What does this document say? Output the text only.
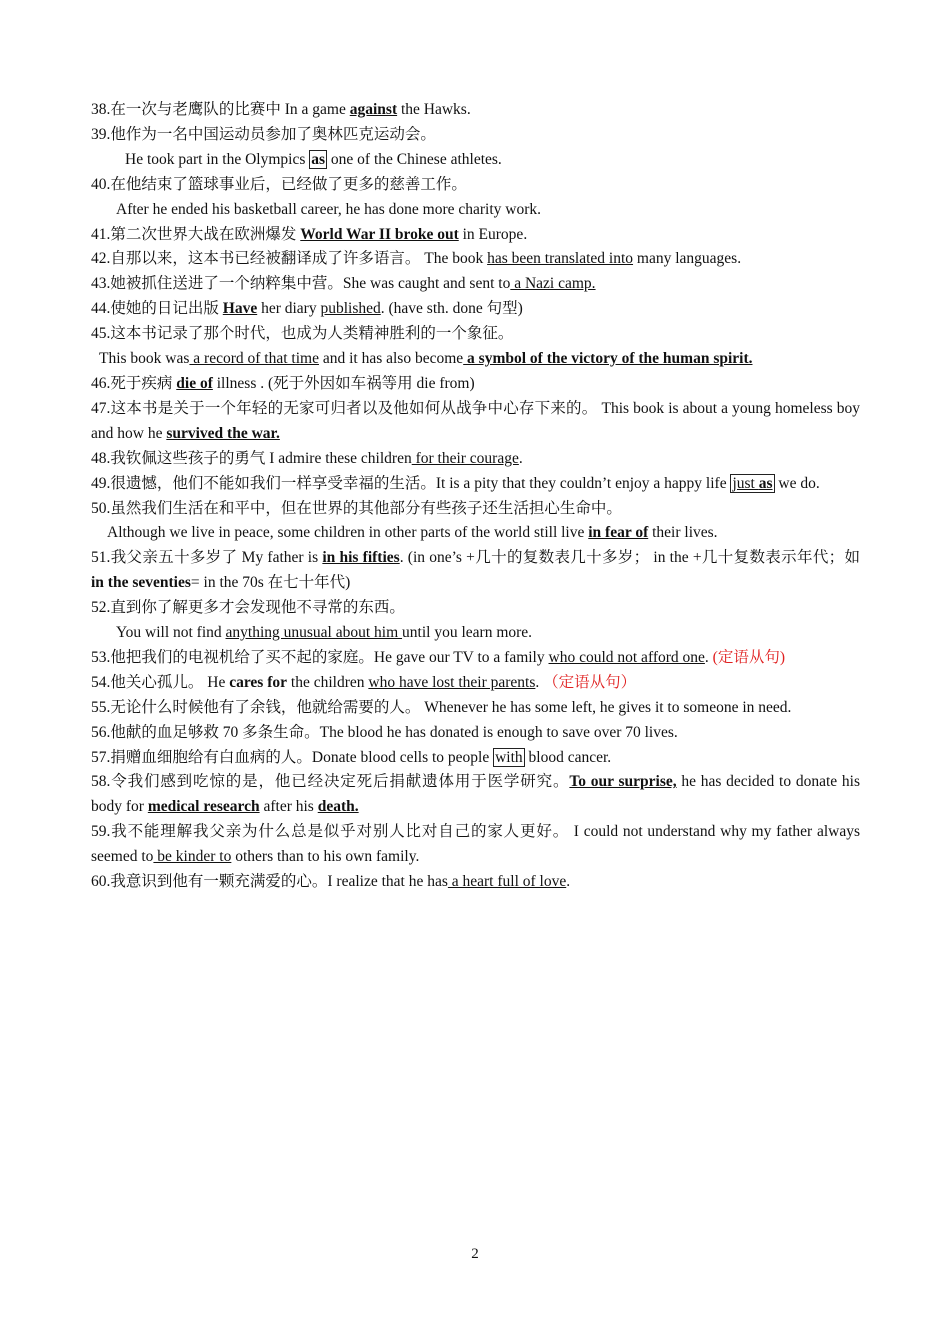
38.在一次与老鹰队的比赛中 In a game against the Hawks.
39.他作为一名中国运动员参加了奥林匹克运动会。
He took part in the Olympics as one of the Chinese athletes.
40.在他结束了篮球事业后，已经做了更多的慈善工作。
After he ended his basketball career, he has done more charity work.
41.第二次世界大战在欧洲爆发 World War II broke out in Europe.
42.自那以来，这本书已经被翻译成了许多语言。 The book has been translated into many languages.
43.她被抓住送进了一个纳粹集中营。She was caught and sent to a Nazi camp.
44.使她的日记出版 Have her diary published. (have sth. done 句型)
45.这本书记录了那个时代，也成为人类精神胜利的一个象征。
This book was a record of that time and it has also become a symbol of the victory of the human spirit.
46.死于疾病 die of illness . (死于外因如车祸等用 die from)
47.这本书是关于一个年轻的无家可归者以及他如何从战争中心存下来的。 This book is about a young homeless boy and how he survived the war.
48.我钦佩这些孩子的勇气 I admire these children for their courage.
49.很遗憾，他们不能如我们一样享受幸福的生活。It is a pity that they couldn’t enjoy a happy life just as we do.
50.虽然我们生活在和平中，但在世界的其他部分有些孩子还生活担心生命中。
Although we live in peace, some children in other parts of the world still live in fear of their lives.
51.我父亲五十多岁了 My father is in his fifties. (in one’s +几十的复数表几十多岁； in the +几十复数表示年代；如 in the seventies= in the 70s 在七十年代)
52.直到你了解更多才会发现他不寻常的东西。
You will not find anything unusual about him until you learn more.
53.他把我们的电视机给了买不起的家庭。He gave our TV to a family who could not afford one. (定语从句)
54.他关心孤儿。 He cares for the children who have lost their parents. （定语从句）
55.无论什么时候他有了余钱，他就给需要的人。 Whenever he has some left, he gives it to someone in need.
56.他献的血足够救 70 多条生命。The blood he has donated is enough to save over 70 lives.
57.捐赠血细胞给有白血病的人。Donate blood cells to people with blood cancer.
58.令我们感到吃惊的是，他已经决定死后捐献遗体用于医学研究。To our surprise, he has decided to donate his body for medical research after his death.
59.我不能理解我父亲为什么总是似乎对别人比对自己的家人更好。 I could not understand why my father always seemed to be kinder to others than to his own family.
60.我意识到他有一颗充满爱的心。I realize that he has a heart full of love.
2
